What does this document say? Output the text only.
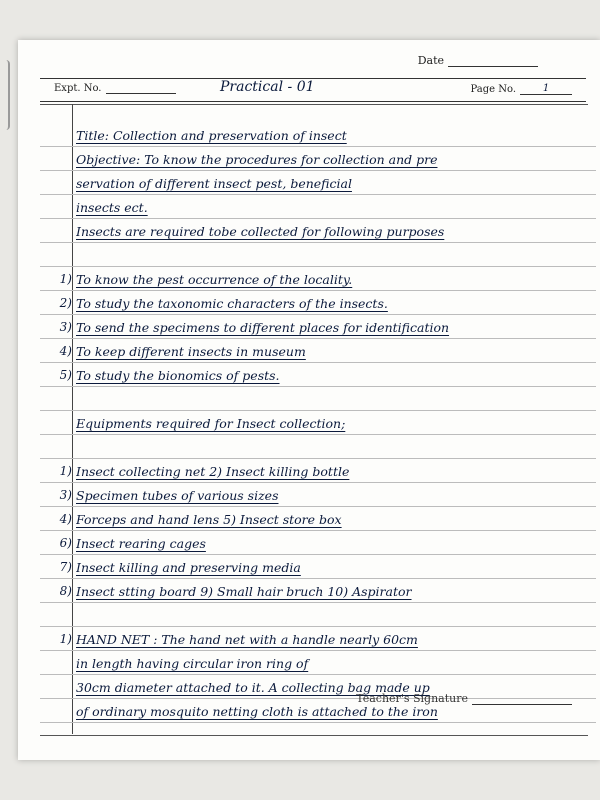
Date
Expt. No.	Practical - 01	Page No.	1
Title: Collection and preservation of insect
Objective: To know the procedures for collection and pre
servation of different insect pest, beneficial
insects ect.
Insects are required tobe collected for following purposes
1) To know the pest occurrence of the locality.
2) To study the taxonomic characters of the insects.
3) To send the specimens to different places for identification
4) To keep different insects in museum
5) To study the bionomics of pests.
Equipments required for Insect collection;
1) Insect collecting net 2) Insect killing bottle
3) Specimen tubes of various sizes
4) Forceps and hand lens 5) Insect store box
6) Insect rearing cages
7) Insect killing and preserving media
8) Insect stting board 9) Small hair bruch 10) Aspirator
1) HAND NET : The hand net with a handle nearly 60cm
in length having circular iron ring of
30cm diameter attached to it. A collecting bag made up
of ordinary mosquito netting cloth is attached to the iron
Teacher's Signature
